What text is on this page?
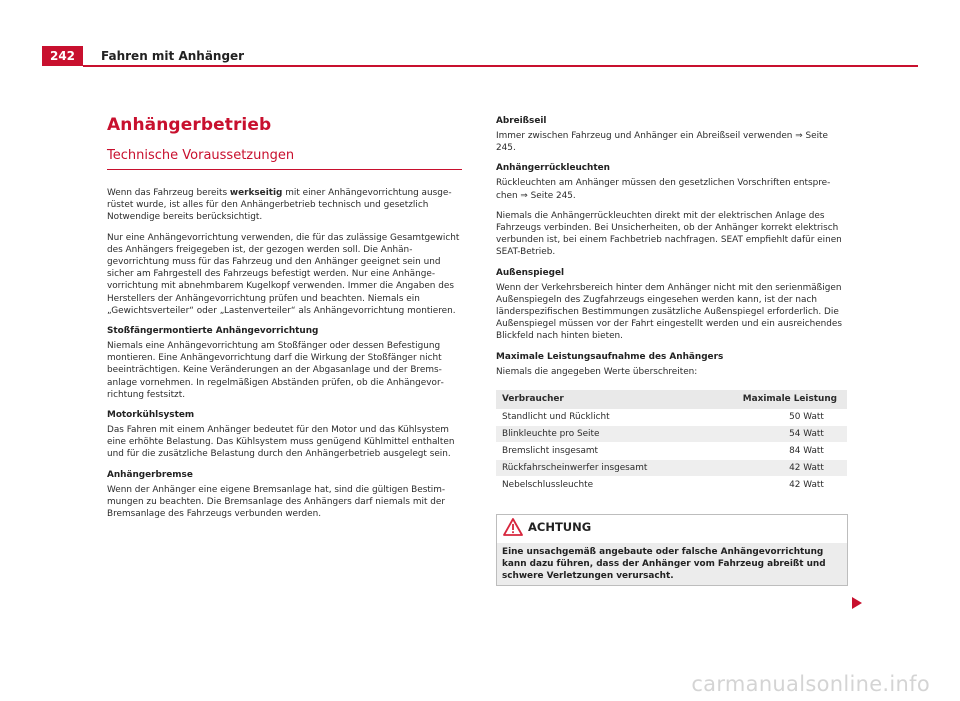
242	Fahren mit Anhänger
Anhängerbetrieb
Technische Voraussetzungen

Wenn das Fahrzeug bereits werkseitig mit einer Anhängevorrichtung ausgerüstet wurde, ist alles für den Anhängerbetrieb technisch und gesetzlich Notwendige bereits berücksichtigt.

Nur eine Anhängevorrichtung verwenden, die für das zulässige Gesamtgewicht des Anhängers freigegeben ist, der gezogen werden soll. Die Anhängevorrichtung muss für das Fahrzeug und den Anhänger geeignet sein und sicher am Fahrgestell des Fahrzeugs befestigt werden. Nur eine Anhängevorrichtung mit abnehmbarem Kugelkopf verwenden. Immer die Angaben des Herstellers der Anhängevorrichtung prüfen und beachten. Niemals ein „Gewichtsverteiler“ oder „Lastenverteiler“ als Anhängevorrichtung montieren.

Stoßfängermontierte Anhängevorrichtung

Niemals eine Anhängevorrichtung am Stoßfänger oder dessen Befestigung montieren. Eine Anhängevorrichtung darf die Wirkung der Stoßfänger nicht beeinträchtigen. Keine Veränderungen an der Abgasanlage und der Bremsanlage vornehmen. In regelmäßigen Abständen prüfen, ob die Anhängevorrichtung festsitzt.

Motorkühlsystem

Das Fahren mit einem Anhänger bedeutet für den Motor und das Kühlsystem eine erhöhte Belastung. Das Kühlsystem muss genügend Kühlmittel enthalten und für die zusätzliche Belastung durch den Anhängerbetrieb ausgelegt sein.

Anhängerbremse

Wenn der Anhänger eine eigene Bremsanlage hat, sind die gültigen Bestimmungen zu beachten. Die Bremsanlage des Anhängers darf niemals mit der Bremsanlage des Fahrzeugs verbunden werden.

Abreißseil

Immer zwischen Fahrzeug und Anhänger ein Abreißseil verwenden ⇒ Seite 245.

Anhängerrückleuchten

Rückleuchten am Anhänger müssen den gesetzlichen Vorschriften entsprechen ⇒ Seite 245.

Niemals die Anhängerrückleuchten direkt mit der elektrischen Anlage des Fahrzeugs verbinden. Bei Unsicherheiten, ob der Anhänger korrekt elektrisch verbunden ist, bei einem Fachbetrieb nachfragen. SEAT empfiehlt dafür einen SEAT-Betrieb.

Außenspiegel

Wenn der Verkehrsbereich hinter dem Anhänger nicht mit den serienmäßigen Außenspiegeln des Zugfahrzeugs eingesehen werden kann, ist der nach länderspezifischen Bestimmungen zusätzliche Außenspiegel erforderlich. Die Außenspiegel müssen vor der Fahrt eingestellt werden und ein ausreichendes Blickfeld nach hinten bieten.

Maximale Leistungsaufnahme des Anhängers

Niemals die angegeben Werte überschreiten:

Verbraucher	Maximale Leistung
Standlicht und Rücklicht	50 Watt
Blinkleuchte pro Seite	54 Watt
Bremslicht insgesamt	84 Watt
Rückfahrscheinwerfer insgesamt	42 Watt
Nebelschlussleuchte	42 Watt
ACHTUNG
Eine unsachgemäß angebaute oder falsche Anhängevorrichtung kann dazu führen, dass der Anhänger vom Fahrzeug abreißt und schwere Verletzungen verursacht.
carmanualsonline.info
